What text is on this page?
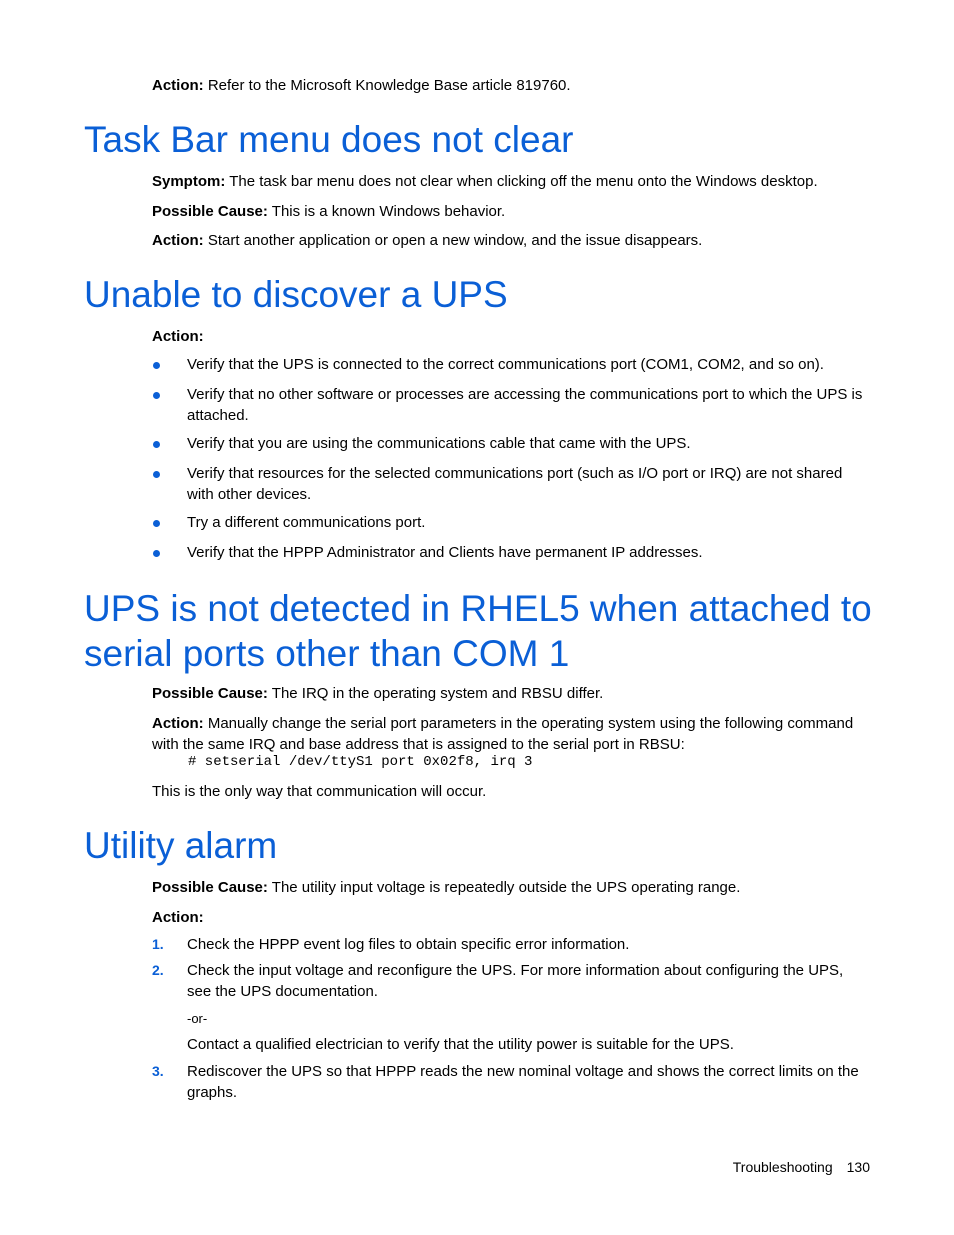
Action: Refer to the Microsoft Knowledge Base article 819760.

Task Bar menu does not clear

Symptom: The task bar menu does not clear when clicking off the menu onto the Windows desktop.

Possible Cause: This is a known Windows behavior.

Action: Start another application or open a new window, and the issue disappears.

Unable to discover a UPS

Action:

Verify that the UPS is connected to the correct communications port (COM1, COM2, and so on).
Verify that no other software or processes are accessing the communications port to which the UPS is attached.
Verify that you are using the communications cable that came with the UPS.
Verify that resources for the selected communications port (such as I/O port or IRQ) are not shared with other devices.
Try a different communications port.
Verify that the HPPP Administrator and Clients have permanent IP addresses.
UPS is not detected in RHEL5 when attached to serial ports other than COM 1

Possible Cause: The IRQ in the operating system and RBSU differ.

Action: Manually change the serial port parameters in the operating system using the following command with the same IRQ and base address that is assigned to the serial port in RBSU:

# setserial /dev/ttyS1 port 0x02f8, irq 3

This is the only way that communication will occur.

Utility alarm

Possible Cause: The utility input voltage is repeatedly outside the UPS operating range.

Action:

1. Check the HPPP event log files to obtain specific error information.
2. Check the input voltage and reconfigure the UPS. For more information about configuring the UPS, see the UPS documentation.
-or-
Contact a qualified electrician to verify that the utility power is suitable for the UPS.
3. Rediscover the UPS so that HPPP reads the new nominal voltage and shows the correct limits on the graphs.
Troubleshooting 130
